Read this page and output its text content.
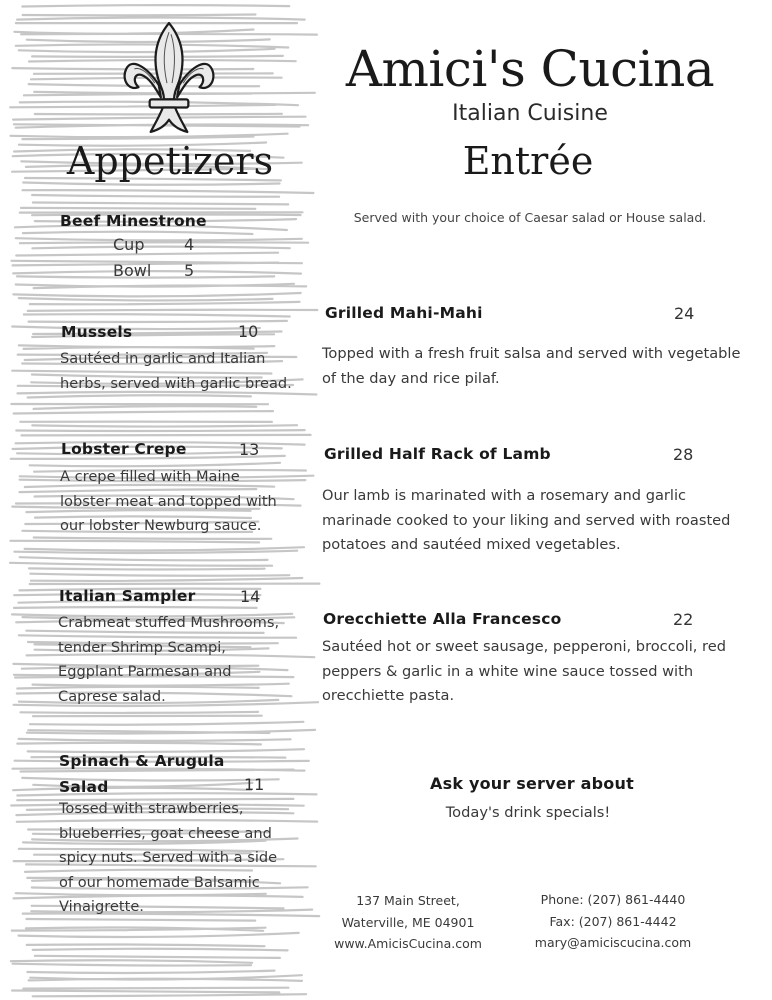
Amici's Cucina
Italian Cuisine
Appetizers	Entrée
Beef Minestrone
Cup 4
Bowl 5
Mussels	10
Sautéed in garlic and Italian
herbs, served with garlic bread.
Lobster Crepe	13
A crepe filled with Maine
lobster meat and topped with
our lobster Newburg sauce.
Italian Sampler	14
Crabmeat stuffed Mushrooms,
tender Shrimp Scampi,
Eggplant Parmesan and
Caprese salad.
Spinach & Arugula
Salad	11
Tossed with strawberries,
blueberries, goat cheese and
spicy nuts. Served with a side
of our homemade Balsamic
Vinaigrette.
Served with your choice of Caesar salad or House salad.
Grilled Mahi-Mahi	24
Topped with a fresh fruit salsa and served with vegetable
of the day and rice pilaf.
Grilled Half Rack of Lamb	28
Our lamb is marinated with a rosemary and garlic
marinade cooked to your liking and served with roasted
potatoes and sautéed mixed vegetables.
Orecchiette Alla Francesco	22
Sautéed hot or sweet sausage, pepperoni, broccoli, red
peppers & garlic in a white wine sauce tossed with
orecchiette pasta.
Ask your server about
Today's drink specials!
137 Main Street,
Waterville, ME 04901
www.AmicisCucina.com
Phone: (207) 861-4440
Fax: (207) 861-4442
mary@amiciscucina.com
